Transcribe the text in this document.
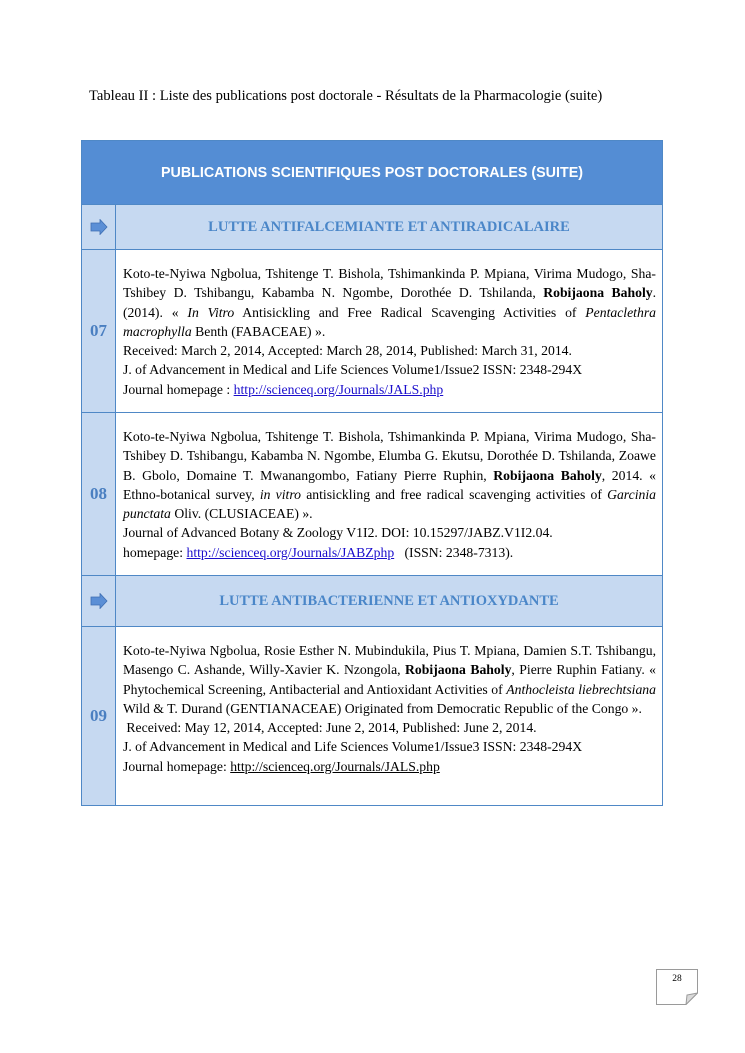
Tableau II : Liste des publications post doctorale - Résultats de la Pharmacologie (suite)
PUBLICATIONS SCIENTIFIQUES POST DOCTORALES (SUITE)
LUTTE ANTIFALCEMIANTE ET ANTIRADICALAIRE
07

Koto-te-Nyiwa Ngbolua, Tshitenge T. Bishola, Tshimankinda P. Mpiana, Virima Mudogo, Sha-Tshibey D. Tshibangu, Kabamba N. Ngombe, Dorothée D. Tshilanda, Robijaona Baholy. (2014). « In Vitro Antisickling and Free Radical Scavenging Activities of Pentaclethra macrophylla Benth (FABACEAE) ».

Received: March 2, 2014, Accepted: March 28, 2014, Published: March 31, 2014.

J. of Advancement in Medical and Life Sciences Volume1/Issue2 ISSN: 2348-294X

Journal homepage : http://scienceq.org/Journals/JALS.php

08

Koto-te-Nyiwa Ngbolua, Tshitenge T. Bishola, Tshimankinda P. Mpiana, Virima Mudogo, Sha-Tshibey D. Tshibangu, Kabamba N. Ngombe, Elumba G. Ekutsu, Dorothée D. Tshilanda, Zoawe B. Gbolo, Domaine T. Mwanangombo, Fatiany Pierre Ruphin, Robijaona Baholy, 2014. « Ethno-botanical survey, in vitro antisickling and free radical scavenging activities of Garcinia punctata Oliv. (CLUSIACEAE) ».

Journal of Advanced Botany & Zoology V1I2. DOI: 10.15297/JABZ.V1I2.04.

homepage: http://scienceq.org/Journals/JABZphp   (ISSN: 2348-7313).

LUTTE ANTIBACTERIENNE ET ANTIOXYDANTE
09

Koto-te-Nyiwa Ngbolua, Rosie Esther N. Mubindukila, Pius T. Mpiana, Damien S.T. Tshibangu, Masengo C. Ashande, Willy-Xavier K. Nzongola, Robijaona Baholy, Pierre Ruphin Fatiany. « Phytochemical Screening, Antibacterial and Antioxidant Activities of Anthocleista liebrechtsiana Wild & T. Durand (GENTIANACEAE) Originated from Democratic Republic of the Congo ».

Received: May 12, 2014, Accepted: June 2, 2014, Published: June 2, 2014.

J. of Advancement in Medical and Life Sciences Volume1/Issue3 ISSN: 2348-294X

Journal homepage: http://scienceq.org/Journals/JALS.php

28
